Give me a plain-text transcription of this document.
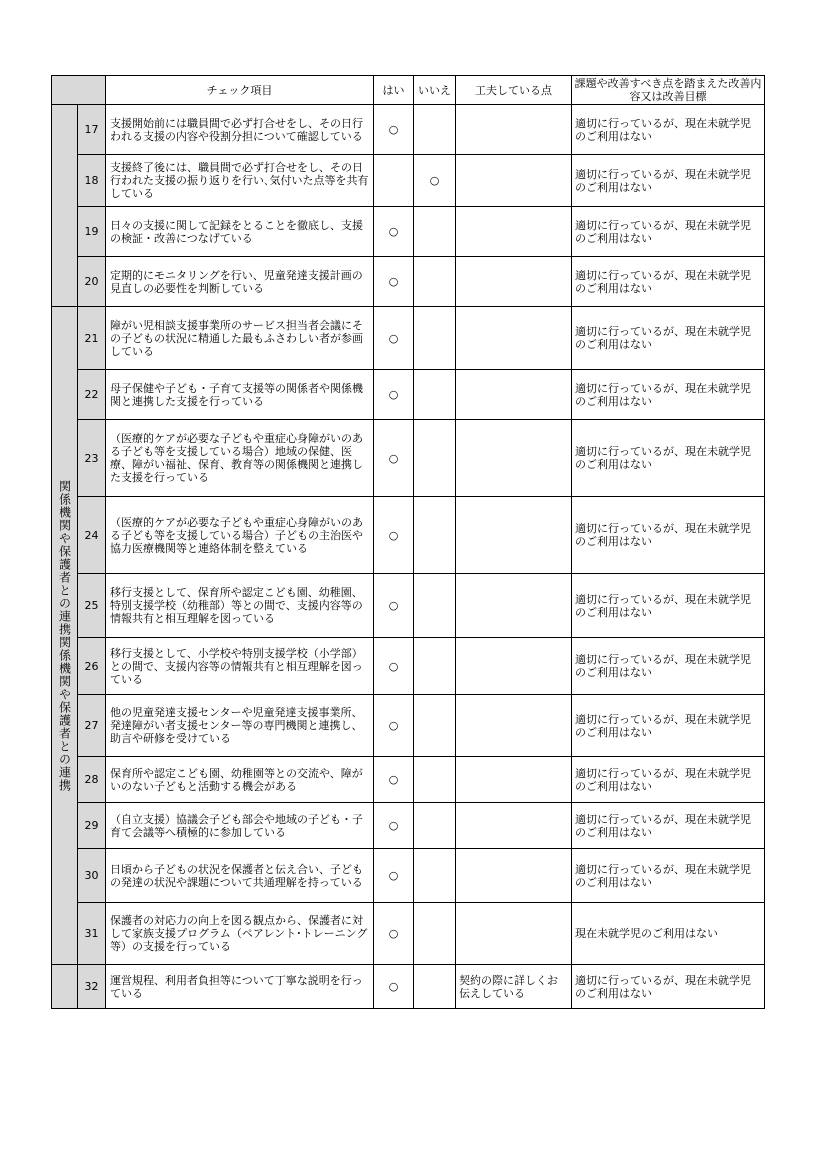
		チェック項目	はい	いいえ	工夫している点	課題や改善すべき点を踏まえた改善内容又は改善目標
	17	支援開始前には職員間で必ず打合せをし、その日行われる支援の内容や役割分担について確認している	○			適切に行っているが、現在未就学児のご利用はない
	18	支援終了後には、職員間で必ず打合せをし、その日行われた支援の振り返りを行い､気付いた点等を共有している		○		適切に行っているが、現在未就学児のご利用はない
	19	日々の支援に関して記録をとることを徹底し、支援の検証・改善につなげている	○			適切に行っているが、現在未就学児のご利用はない
	20	定期的にモニタリングを行い、児童発達支援計画の見直しの必要性を判断している	○			適切に行っているが、現在未就学児のご利用はない

関係機関や保護者との連携関係機関や保護者との連携	21	障がい児相談支援事業所のサービス担当者会議にその子どもの状況に精通した最もふさわしい者が参画している	○			適切に行っているが、現在未就学児のご利用はない
	22	母子保健や子ども・子育て支援等の関係者や関係機関と連携した支援を行っている	○			適切に行っているが、現在未就学児のご利用はない
	23	（医療的ケアが必要な子どもや重症心身障がいのある子ども等を支援している場合）地域の保健、医療、障がい福祉、保育、教育等の関係機関と連携した支援を行っている	○			適切に行っているが、現在未就学児のご利用はない
	24	（医療的ケアが必要な子どもや重症心身障がいのある子ども等を支援している場合）子どもの主治医や協力医療機関等と連絡体制を整えている	○			適切に行っているが、現在未就学児のご利用はない
	25	移行支援として、保育所や認定こども園、幼稚園、特別支援学校（幼稚部）等との間で、支援内容等の情報共有と相互理解を図っている	○			適切に行っているが、現在未就学児のご利用はない
	26	移行支援として、小学校や特別支援学校（小学部）との間で、支援内容等の情報共有と相互理解を図っている	○			適切に行っているが、現在未就学児のご利用はない
	27	他の児童発達支援センターや児童発達支援事業所、発達障がい者支援センター等の専門機関と連携し、助言や研修を受けている	○			適切に行っているが、現在未就学児のご利用はない
	28	保育所や認定こども園、幼稚園等との交流や、障がいのない子どもと活動する機会がある	○			適切に行っているが、現在未就学児のご利用はない
	29	（自立支援）協議会子ども部会や地域の子ども・子育て会議等へ積極的に参加している	○			適切に行っているが、現在未就学児のご利用はない
	30	日頃から子どもの状況を保護者と伝え合い、子どもの発達の状況や課題について共通理解を持っている	○			適切に行っているが、現在未就学児のご利用はない
	31	保護者の対応力の向上を図る観点から、保護者に対して家族支援プログラム（ペアレント･トレーニング等）の支援を行っている	○			現在未就学児のご利用はない
	32	運営規程、利用者負担等について丁寧な説明を行っている	○		契約の際に詳しくお伝えしている	適切に行っているが、現在未就学児のご利用はない
